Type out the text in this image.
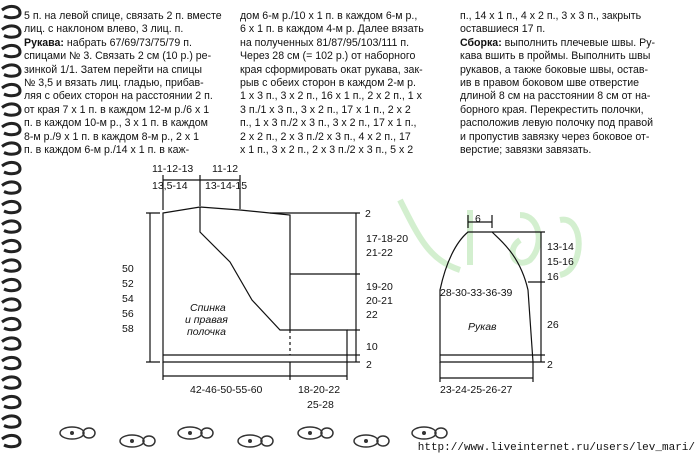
5 п. на левой спице, связать 2 п. вместе
лиц. с наклоном влево, 3 лиц. п.
Рукава: набрать 67/69/73/75/79 п.
спицами № 3. Связать 2 см (10 р.) ре-
зинкой 1/1. Затем перейти на спицы
№ 3,5 и вязать лиц. гладью, прибав-
ляя с обеих сторон на расстоянии 2 п.
от края 7 х 1 п. в каждом 12-м р./6 х 1
п. в каждом 10-м р., 3 х 1 п. в каждом
8-м р./9 х 1 п. в каждом 8-м р., 2 х 1
п. в каждом 6-м р./14 х 1 п. в каж-
дом 6-м р./10 х 1 п. в каждом 6-м р.,
6 х 1 п. в каждом 4-м р. Далее вязать
на полученных 81/87/95/103/111 п.
Через 28 см (= 102 р.) от наборного
края сформировать окат рукава, зак-
рыв с обеих сторон в каждом 2-м р.
1 х 3 п., 3 х 2 п., 16 х 1 п., 2 х 2 п., 1 х
3 п./1 х 3 п., 3 х 2 п., 17 х 1 п., 2 х 2
п., 1 х 3 п./2 х 3 п., 3 х 2 п., 17 х 1 п.,
2 х 2 п., 2 х 3 п./2 х 3 п., 4 х 2 п., 17
х 1 п., 3 х 2 п., 2 х 3 п./2 х 3 п., 5 х 2
п., 14 х 1 п., 4 х 2 п., 3 х 3 п., закрыть
оставшиеся 17 п.
Сборка: выполнить плечевые швы. Ру-
кава вшить в проймы. Выполнить швы
рукавов, а также боковые швы, остав-
ив в правом боковом шве отверстие
длиной 8 см на расстоянии 8 см от на-
борного края. Перекрестить полочки,
расположив левую полочку под правой
и пропустив завязку через боковое от-
верстие; завязки завязать.
11-12-13
13,5-14
11-12
13-14-15
2
17-18-20
21-22
19-20
20-21
22
10
2
50
52
54
56
58
Спинка
и правая
полочка
42-46-50-55-60	18-20-22
25-28
6
13-14
15-16
16
28-30-33-36-39
Рукав	26
2
23-24-25-26-27
http://www.liveinternet.ru/users/lev_mari/
